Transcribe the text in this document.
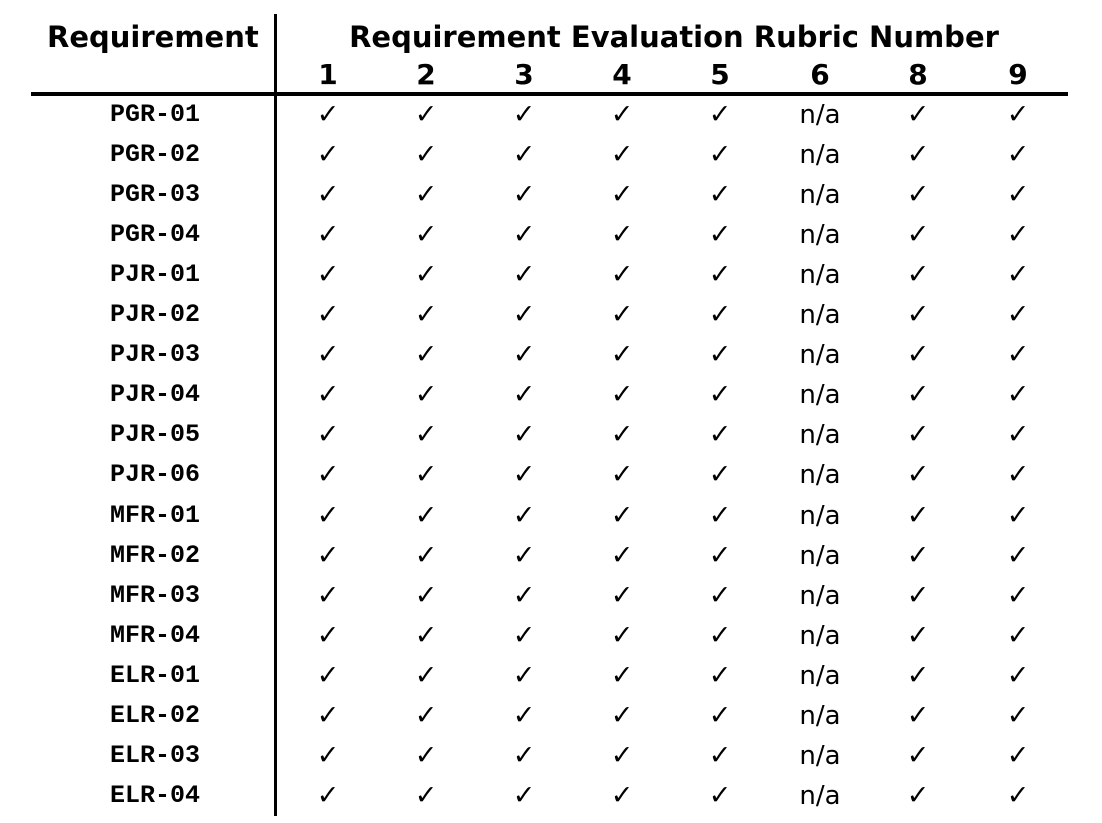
Requirement	Requirement Evaluation Rubric Number
1	2	3	4	5	6	8	9
PGR-01	✓	✓	✓	✓	✓	n/a	✓	✓
PGR-02	✓	✓	✓	✓	✓	n/a	✓	✓
PGR-03	✓	✓	✓	✓	✓	n/a	✓	✓
PGR-04	✓	✓	✓	✓	✓	n/a	✓	✓
PJR-01	✓	✓	✓	✓	✓	n/a	✓	✓
PJR-02	✓	✓	✓	✓	✓	n/a	✓	✓
PJR-03	✓	✓	✓	✓	✓	n/a	✓	✓
PJR-04	✓	✓	✓	✓	✓	n/a	✓	✓
PJR-05	✓	✓	✓	✓	✓	n/a	✓	✓
PJR-06	✓	✓	✓	✓	✓	n/a	✓	✓
MFR-01	✓	✓	✓	✓	✓	n/a	✓	✓
MFR-02	✓	✓	✓	✓	✓	n/a	✓	✓
MFR-03	✓	✓	✓	✓	✓	n/a	✓	✓
MFR-04	✓	✓	✓	✓	✓	n/a	✓	✓
ELR-01	✓	✓	✓	✓	✓	n/a	✓	✓
ELR-02	✓	✓	✓	✓	✓	n/a	✓	✓
ELR-03	✓	✓	✓	✓	✓	n/a	✓	✓
ELR-04	✓	✓	✓	✓	✓	n/a	✓	✓
